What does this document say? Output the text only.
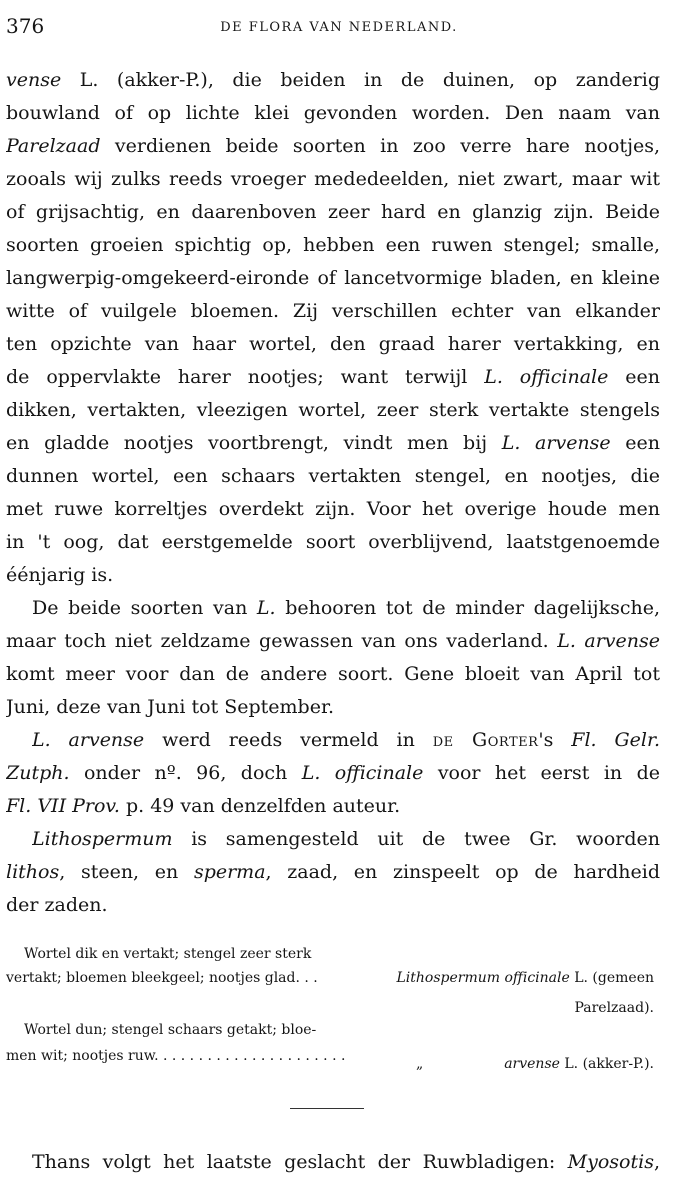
376	DE FLORA VAN NEDERLAND.
vense L. (akker-P.), die beiden in de duinen, op zanderig
bouwland of op lichte klei gevonden worden. Den naam van
Parelzaad verdienen beide soorten in zoo verre hare nootjes,
zooals wij zulks reeds vroeger mededeelden, niet zwart, maar wit
of grijsachtig, en daarenboven zeer hard en glanzig zijn. Beide
soorten groeien spichtig op, hebben een ruwen stengel; smalle,
langwerpig-omgekeerd-eironde of lancetvormige bladen, en kleine
witte of vuilgele bloemen. Zij verschillen echter van elkander
ten opzichte van haar wortel, den graad harer vertakking, en
de oppervlakte harer nootjes; want terwijl L. officinale een
dikken, vertakten, vleezigen wortel, zeer sterk vertakte stengels
en gladde nootjes voortbrengt, vindt men bij L. arvense een
dunnen wortel, een schaars vertakten stengel, en nootjes, die
met ruwe korreltjes overdekt zijn. Voor het overige houde men
in 't oog, dat eerstgemelde soort overblijvend, laatstgenoemde
éénjarig is.
De beide soorten van L. behooren tot de minder dagelijksche,
maar toch niet zeldzame gewassen van ons vaderland. L. arvense
komt meer voor dan de andere soort. Gene bloeit van April tot
Juni, deze van Juni tot September.
L. arvense werd reeds vermeld in de Gorter's Fl. Gelr.
Zutph. onder nº. 96, doch L. officinale voor het eerst in de
Fl. VII Prov. p. 49 van denzelfden auteur.
Lithospermum is samengesteld uit de twee Gr. woorden
lithos, steen, en sperma, zaad, en zinspeelt op de hardheid
der zaden.
Wortel dik en vertakt; stengel zeer sterk
vertakt; bloemen bleekgeel; nootjes glad. . .	Lithospermum officinale L. (gemeen
Parelzaad).
Wortel dun; stengel schaars getakt; bloe-
men wit; nootjes ruw. . . . . . . . . . . . . . . . . . . . . .	„	arvense L. (akker-P.).
Thans volgt het laatste geslacht der Ruwbladigen: Myosotis,
